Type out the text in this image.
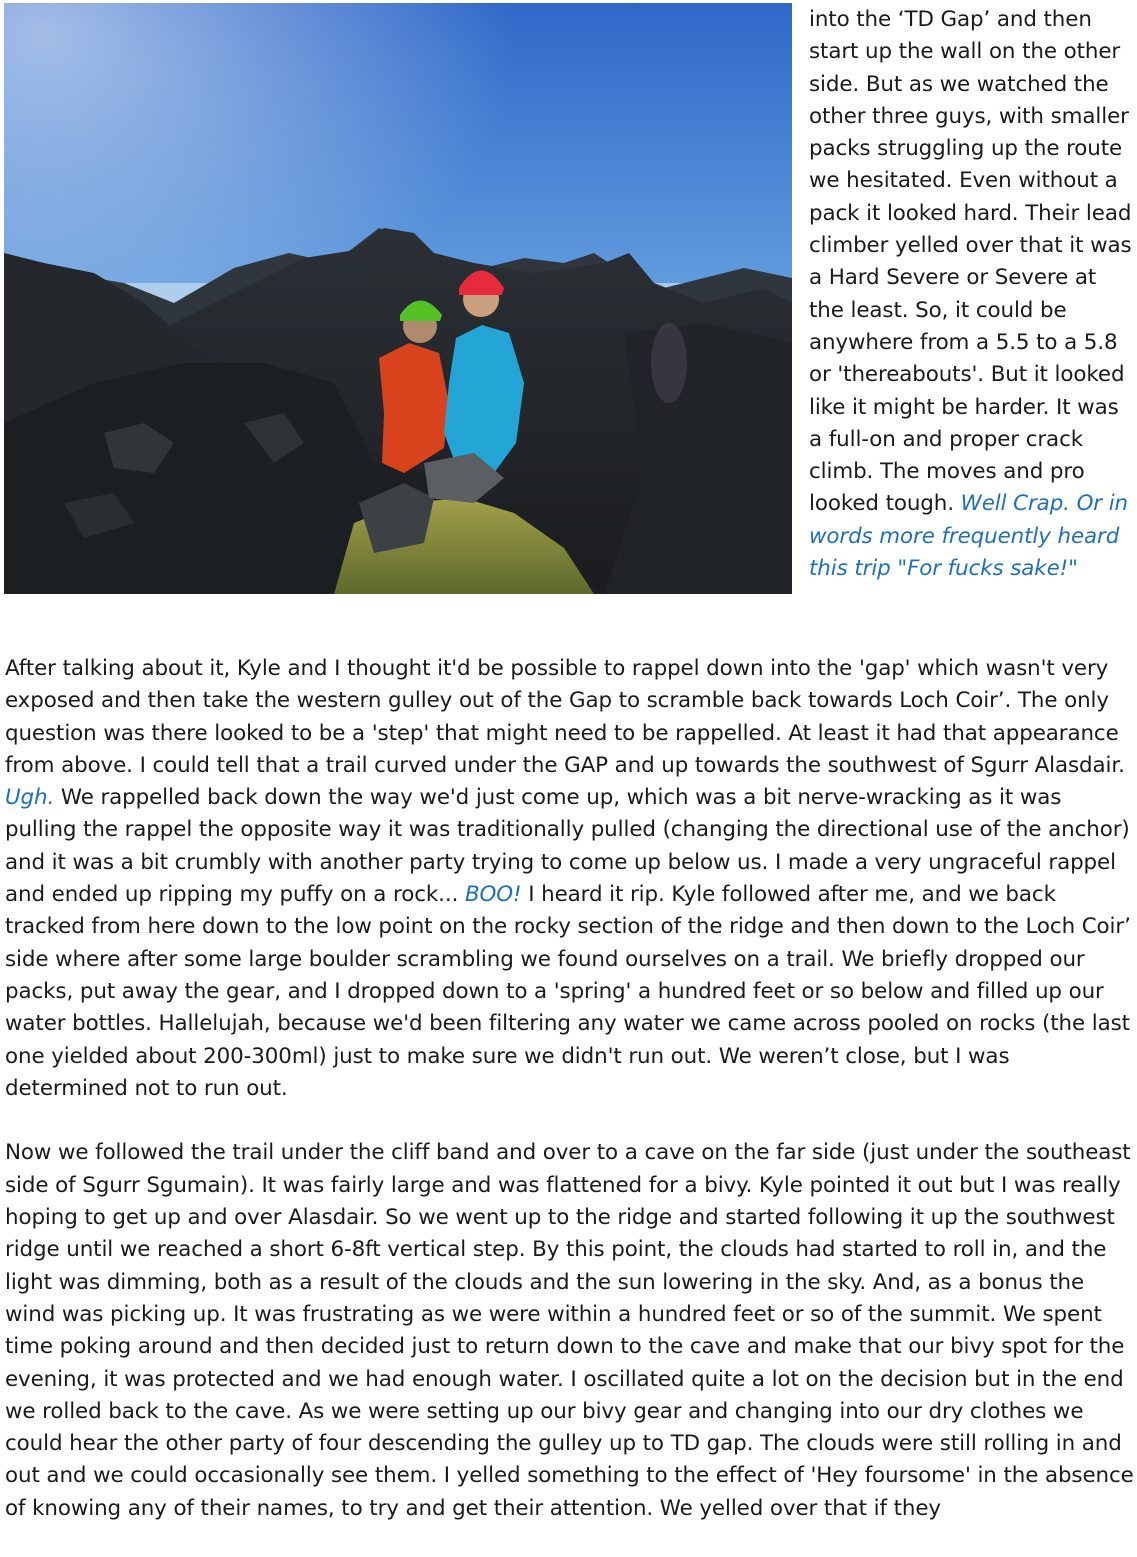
into the ‘TD Gap’ and then start up the wall on the other side. But as we watched the other three guys, with smaller packs struggling up the route we hesitated. Even without a pack it looked hard. Their lead climber yelled over that it was a Hard Severe or Severe at the least. So, it could be anywhere from a 5.5 to a 5.8 or 'thereabouts'. But it looked like it might be harder. It was a full-on and proper crack climb. The moves and pro looked tough. Well Crap. Or in words more frequently heard this trip "For fucks sake!"

After talking about it, Kyle and I thought it'd be possible to rappel down into the 'gap' which wasn't very exposed and then take the western gulley out of the Gap to scramble back towards Loch Coir’. The only question was there looked to be a 'step' that might need to be rappelled. At least it had that appearance from above. I could tell that a trail curved under the GAP and up towards the southwest of Sgurr Alasdair. Ugh. We rappelled back down the way we'd just come up, which was a bit nerve-wracking as it was pulling the rappel the opposite way it was traditionally pulled (changing the directional use of the anchor) and it was a bit crumbly with another party trying to come up below us. I made a very ungraceful rappel and ended up ripping my puffy on a rock... BOO! I heard it rip. Kyle followed after me, and we back tracked from here down to the low point on the rocky section of the ridge and then down to the Loch Coir’ side where after some large boulder scrambling we found ourselves on a trail. We briefly dropped our packs, put away the gear, and I dropped down to a 'spring' a hundred feet or so below and filled up our water bottles. Hallelujah, because we'd been filtering any water we came across pooled on rocks (the last one yielded about 200-300ml) just to make sure we didn't run out. We weren’t close, but I was determined not to run out.

Now we followed the trail under the cliff band and over to a cave on the far side (just under the southeast side of Sgurr Sgumain). It was fairly large and was flattened for a bivy. Kyle pointed it out but I was really hoping to get up and over Alasdair. So we went up to the ridge and started following it up the southwest ridge until we reached a short 6-8ft vertical step. By this point, the clouds had started to roll in, and the light was dimming, both as a result of the clouds and the sun lowering in the sky. And, as a bonus the wind was picking up. It was frustrating as we were within a hundred feet or so of the summit. We spent time poking around and then decided just to return down to the cave and make that our bivy spot for the evening, it was protected and we had enough water. I oscillated quite a lot on the decision but in the end we rolled back to the cave. As we were setting up our bivy gear and changing into our dry clothes we could hear the other party of four descending the gulley up to TD gap. The clouds were still rolling in and out and we could occasionally see them. I yelled something to the effect of 'Hey foursome' in the absence of knowing any of their names, to try and get their attention. We yelled over that if they
